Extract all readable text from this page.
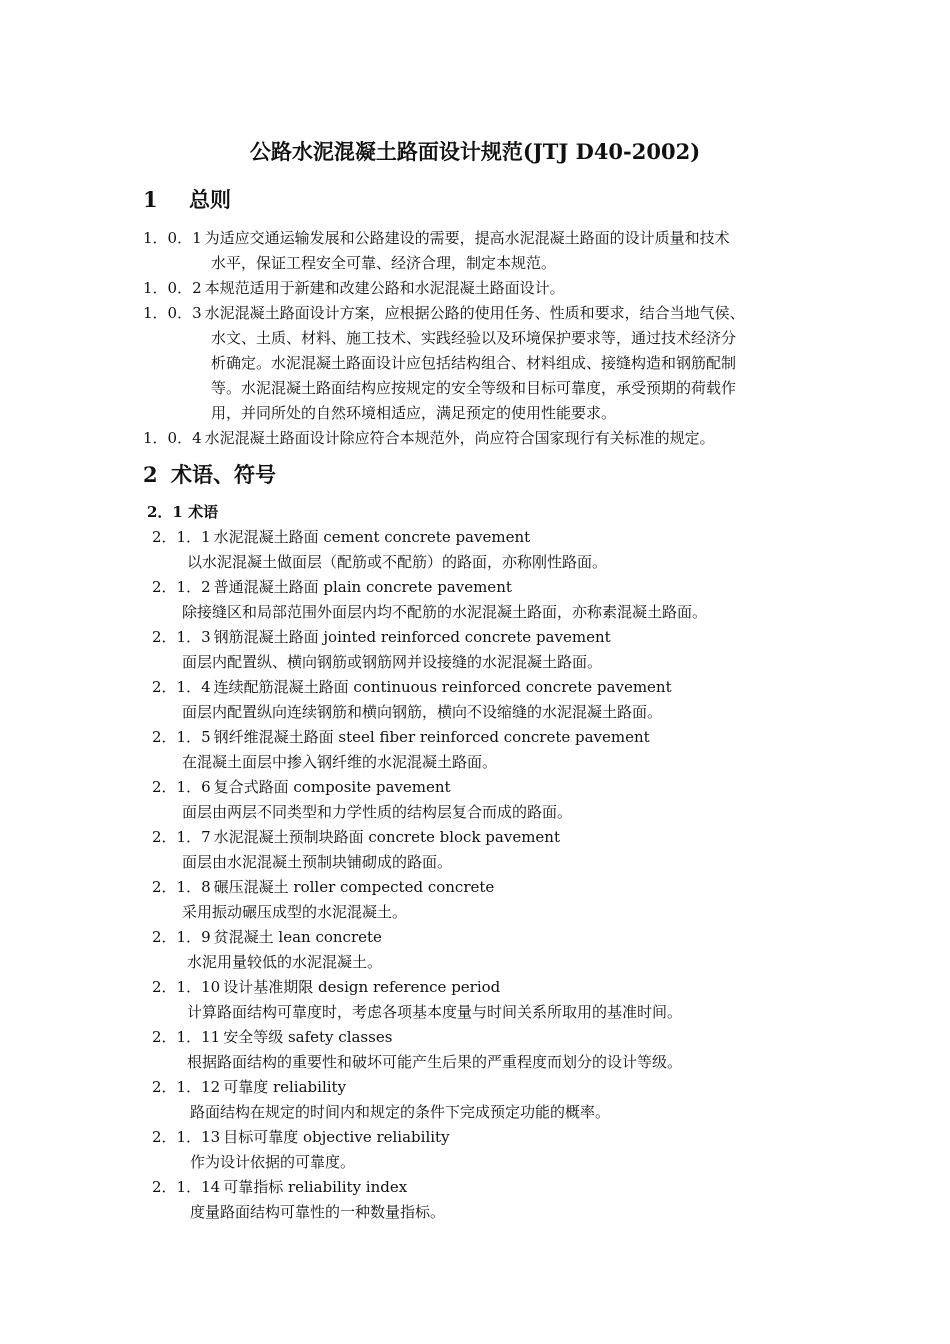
公路水泥混凝土路面设计规范(JTJ D40-2002)
1 总则
1．0．1 为适应交通运输发展和公路建设的需要，提高水泥混凝土路面的设计质量和技术
水平，保证工程安全可靠、经济合理，制定本规范。
1．0．2 本规范适用于新建和改建公路和水泥混凝土路面设计。
1．0．3 水泥混凝土路面设计方案，应根据公路的使用任务、性质和要求，结合当地气侯、
水文、土质、材料、施工技术、实践经验以及环境保护要求等，通过技术经济分
析确定。水泥混凝土路面设计应包括结构组合、材料组成、接缝构造和钢筋配制
等。水泥混凝土路面结构应按规定的安全等级和目标可靠度，承受预期的荷载作
用，并同所处的自然环境相适应，满足预定的使用性能要求。
1．0．4 水泥混凝土路面设计除应符合本规范外，尚应符合国家现行有关标准的规定。
2 术语、符号
2．1 术语
2．1．1 水泥混凝土路面 cement concrete pavement
以水泥混凝土做面层（配筋或不配筋）的路面，亦称刚性路面。
2．1．2 普通混凝土路面 plain concrete pavement
除接缝区和局部范围外面层内均不配筋的水泥混凝土路面，亦称素混凝土路面。
2．1．3 钢筋混凝土路面 jointed reinforced concrete pavement
面层内配置纵、横向钢筋或钢筋网并设接缝的水泥混凝土路面。
2．1．4 连续配筋混凝土路面 continuous reinforced concrete pavement
面层内配置纵向连续钢筋和横向钢筋，横向不设缩缝的水泥混凝土路面。
2．1．5 钢纤维混凝土路面 steel fiber reinforced concrete pavement
在混凝土面层中掺入钢纤维的水泥混凝土路面。
2．1．6 复合式路面 composite pavement
面层由两层不同类型和力学性质的结构层复合而成的路面。
2．1．7 水泥混凝土预制块路面 concrete block pavement
面层由水泥混凝土预制块铺砌成的路面。
2．1．8 碾压混凝土 roller compected concrete
采用振动碾压成型的水泥混凝土。
2．1．9 贫混凝土 lean concrete
水泥用量较低的水泥混凝土。
2．1．10 设计基准期限 design reference period
计算路面结构可靠度时，考虑各项基本度量与时间关系所取用的基准时间。
2．1．11 安全等级 safety classes
根据路面结构的重要性和破坏可能产生后果的严重程度而划分的设计等级。
2．1．12 可靠度 reliability
路面结构在规定的时间内和规定的条件下完成预定功能的概率。
2．1．13 目标可靠度 objective reliability
作为设计依据的可靠度。
2．1．14 可靠指标 reliability index
度量路面结构可靠性的一种数量指标。
